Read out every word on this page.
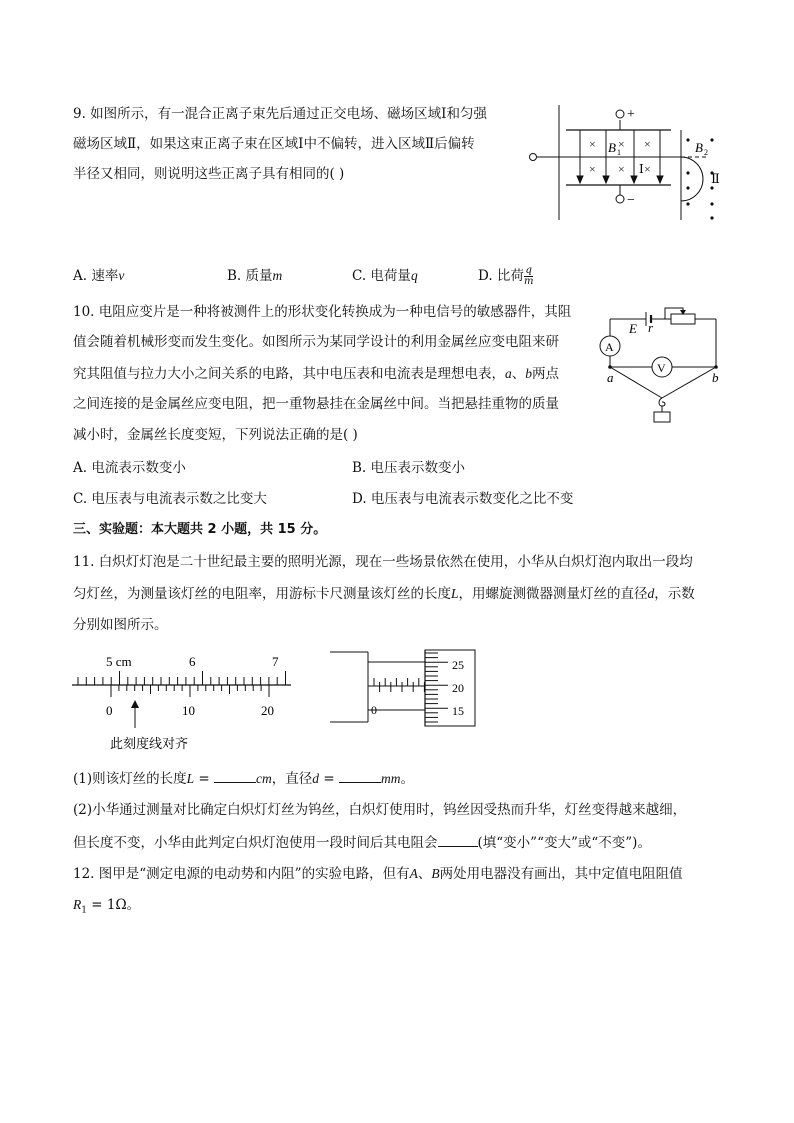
9. 如图所示，有一混合正离子束先后通过正交电场、磁场区域Ⅰ和匀强
磁场区域Ⅱ，如果这束正离子束在区域Ⅰ中不偏转，进入区域Ⅱ后偏转
半径又相同，则说明这些正离子具有相同的( )
+
−
× × ×
× × ×
B 1
Ⅰ
B 2
Ⅱ
A. 速率v	B. 质量m	C. 电荷量q	D. 比荷 $\frac{q}{m}$
10. 电阻应变片是一种将被测件上的形状变化转换成为一种电信号的敏感器件，其阻
值会随着机械形变而发生变化。如图所示为某同学设计的利用金属丝应变电阻来研
究其阻值与拉力大小之间关系的电路，其中电压表和电流表是理想电表，a、b两点
之间连接的是金属丝应变电阻，把一重物悬挂在金属丝中间。当把悬挂重物的质量
减小时，金属丝长度变短，下列说法正确的是( )
E r
A
V
a	b
A. 电流表示数变小	B. 电压表示数变小
C. 电压表与电流表示数之比变大	D. 电压表与电流表示数变化之比不变
三、实验题：本大题共 2 小题，共 15 分。
11. 白炽灯灯泡是二十世纪最主要的照明光源，现在一些场景依然在使用，小华从白炽灯泡内取出一段均
匀灯丝，为测量该灯丝的电阻率，用游标卡尺测量该灯丝的长度L，用螺旋测微器测量灯丝的直径d，示数
分别如图所示。
5 cm	6	7
0	10	20
此刻度线对齐
0
25
20
15
(1)则该灯丝的长度L =	cm，直径d =	mm。
(2)小华通过测量对比确定白炽灯灯丝为钨丝，白炽灯使用时，钨丝因受热而升华，灯丝变得越来越细，
但长度不变，小华由此判定白炽灯泡使用一段时间后其电阻会	(填“变小”“变大”或“不变”)。
12. 图甲是“测定电源的电动势和内阻”的实验电路，但有A、B两处用电器没有画出，其中定值电阻阻值
$R_1 = 1\Omega$。
